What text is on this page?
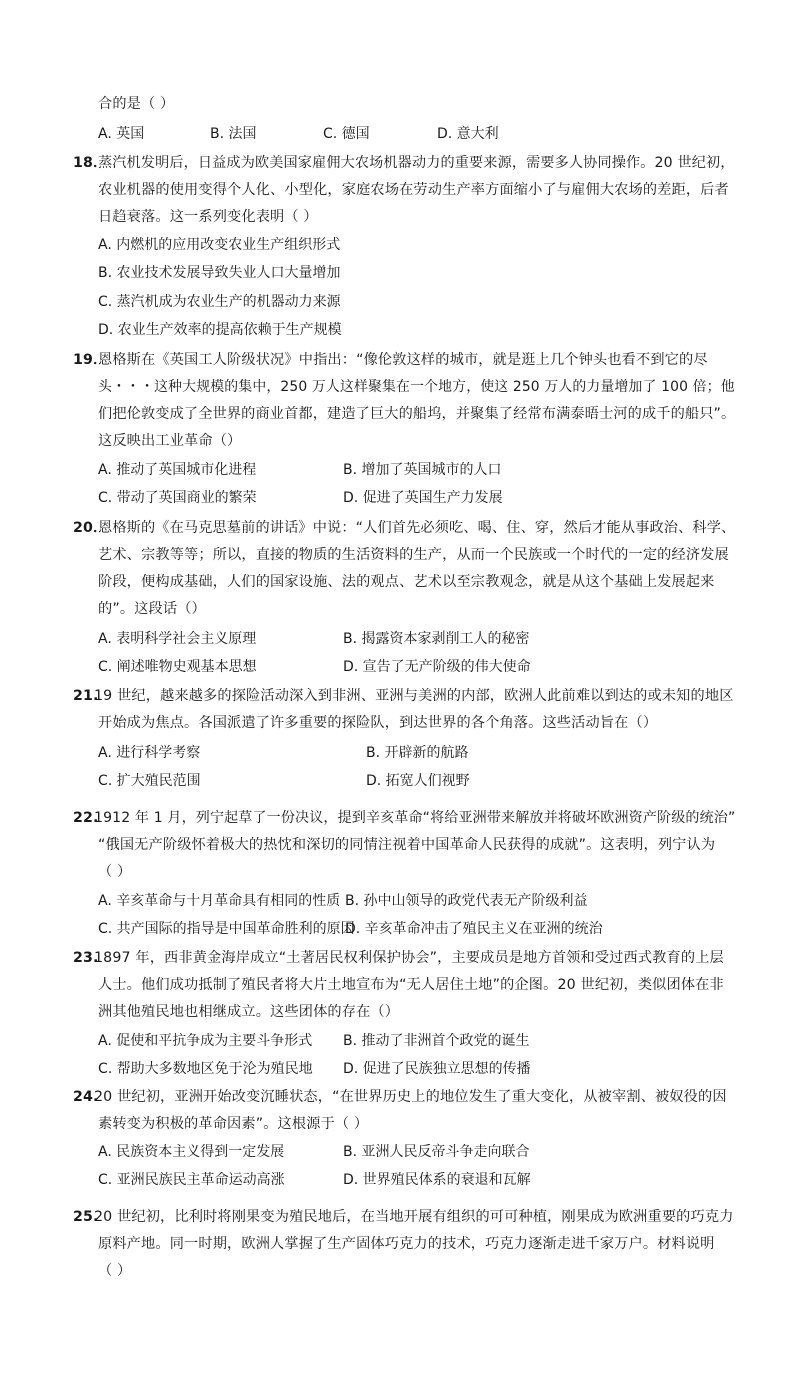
合的是（ ）
A. 英国	B. 法国	C. 德国	D. 意大利
18．
蒸汽机发明后，日益成为欧美国家雇佣大农场机器动力的重要来源，需要多人协同操作。20 世纪初，
农业机器的使用变得个人化、小型化，家庭农场在劳动生产率方面缩小了与雇佣大农场的差距，后者
日趋衰落。这一系列变化表明（ ）
A. 内燃机的应用改变农业生产组织形式
B. 农业技术发展导致失业人口大量增加
C. 蒸汽机成为农业生产的机器动力来源
D. 农业生产效率的提高依赖于生产规模
19．
恩格斯在《英国工人阶级状况》中指出：“像伦敦这样的城市，就是逛上几个钟头也看不到它的尽
头・・・这种大规模的集中，250 万人这样聚集在一个地方，使这 250 万人的力量增加了 100 倍；他
们把伦敦变成了全世界的商业首都，建造了巨大的船坞，并聚集了经常布满泰晤士河的成千的船只”。
这反映出工业革命（）
A. 推动了英国城市化进程	B. 增加了英国城市的人口
C. 带动了英国商业的繁荣	D. 促进了英国生产力发展
20．
恩格斯的《在马克思墓前的讲话》中说：“人们首先必须吃、喝、住、穿，然后才能从事政治、科学、
艺术、宗教等等；所以，直接的物质的生活资料的生产，从而一个民族或一个时代的一定的经济发展
阶段，便构成基础，人们的国家设施、法的观点、艺术以至宗教观念，就是从这个基础上发展起来
的”。这段话（）
A. 表明科学社会主义原理	B. 揭露资本家剥削工人的秘密
C. 阐述唯物史观基本思想	D. 宣告了无产阶级的伟大使命
21.
19 世纪，越来越多的探险活动深入到非洲、亚洲与美洲的内部，欧洲人此前难以到达的或未知的地区
开始成为焦点。各国派遣了许多重要的探险队，到达世界的各个角落。这些活动旨在（）
A. 进行科学考察	B. 开辟新的航路
C. 扩大殖民范围	D. 拓宽人们视野
22.
1912 年 1 月，列宁起草了一份决议，提到辛亥革命“将给亚洲带来解放并将破坏欧洲资产阶级的统治”
“俄国无产阶级怀着极大的热忱和深切的同情注视着中国革命人民获得的成就”。这表明，列宁认为
（ ）
A. 辛亥革命与十月革命具有相同的性质 B. 孙中山领导的政党代表无产阶级利益
C. 共产国际的指导是中国革命胜利的原因
D. 辛亥革命冲击了殖民主义在亚洲的统治
23.
1897 年，西非黄金海岸成立“土著居民权利保护协会”，主要成员是地方首领和受过西式教育的上层
人士。他们成功抵制了殖民者将大片土地宣布为“无人居住土地”的企图。20 世纪初，类似团体在非
洲其他殖民地也相继成立。这些团体的存在（）
A. 促使和平抗争成为主要斗争形式 B. 推动了非洲首个政党的诞生
C. 帮助大多数地区免于沦为殖民地 D. 促进了民族独立思想的传播
24.
20 世纪初，亚洲开始改变沉睡状态，“在世界历史上的地位发生了重大变化，从被宰割、被奴役的因
素转变为积极的革命因素”。这根源于（ ）
A. 民族资本主义得到一定发展	B. 亚洲人民反帝斗争走向联合
C. 亚洲民族民主革命运动高涨	D. 世界殖民体系的衰退和瓦解
25.
20 世纪初，比利时将刚果变为殖民地后，在当地开展有组织的可可种植，刚果成为欧洲重要的巧克力
原料产地。同一时期，欧洲人掌握了生产固体巧克力的技术，巧克力逐渐走进千家万户。材料说明
（ ）
